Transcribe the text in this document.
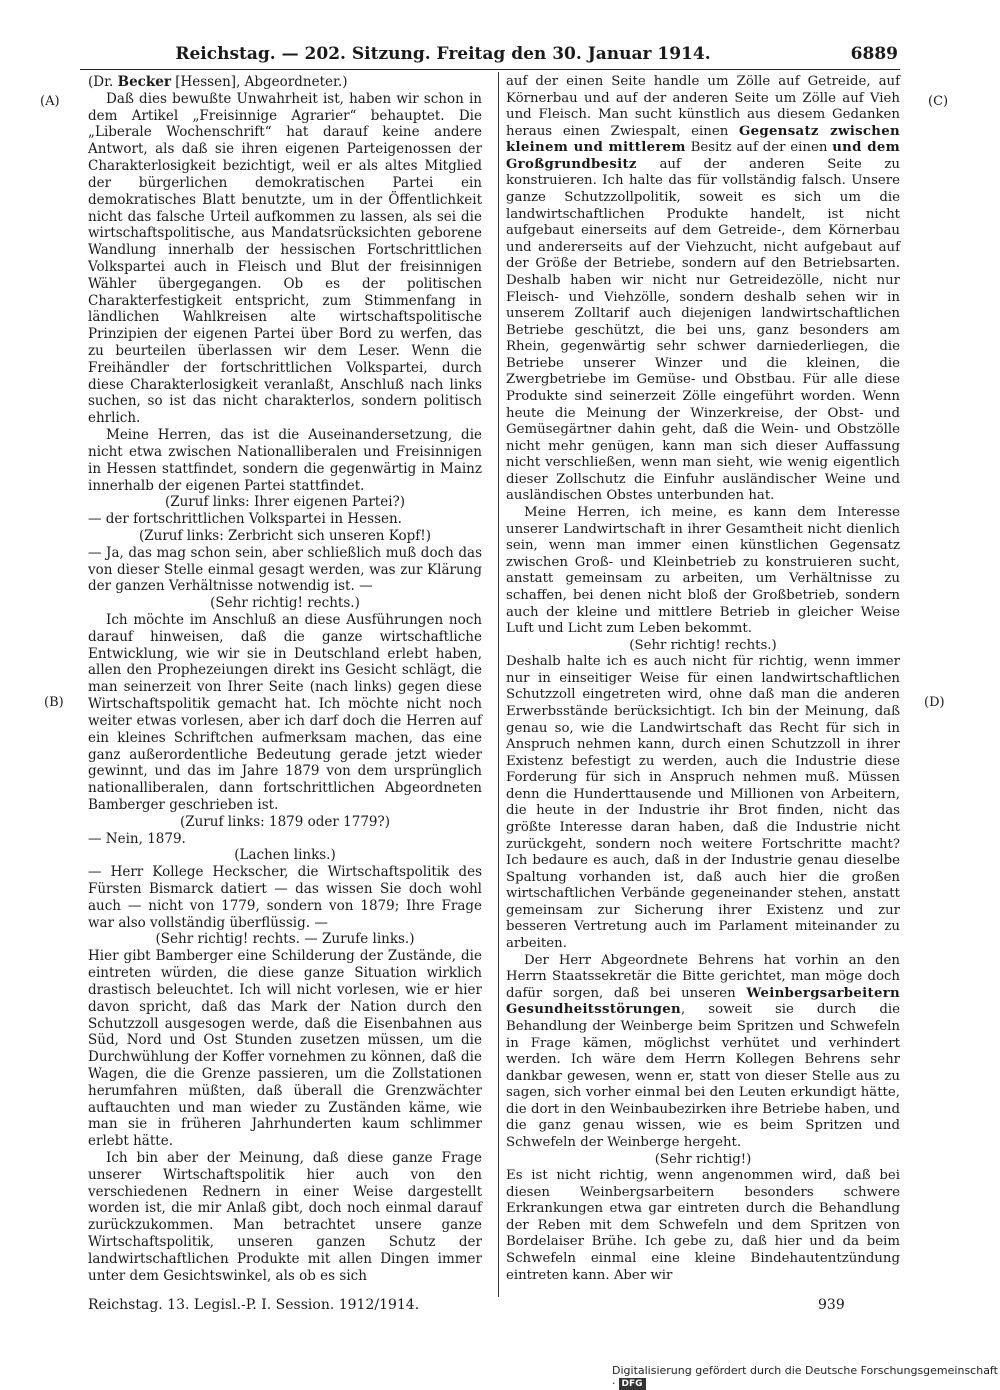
Reichstag. — 202. Sitzung. Freitag den 30. Januar 1914.	6889
(A)
(B)
(C)
(D)

(Dr. Becker [Hessen], Abgeordneter.)

Daß dies bewußte Unwahrheit ist, haben wir schon in dem Artikel „Freisinnige Agrarier“ behauptet. Die „Liberale Wochenschrift“ hat darauf keine andere Antwort, als daß sie ihren eigenen Parteigenossen der Charakterlosigkeit bezichtigt, weil er als altes Mitglied der bürgerlichen demokratischen Partei ein demokratisches Blatt benutzte, um in der Öffentlichkeit nicht das falsche Urteil aufkommen zu lassen, als sei die wirtschaftspolitische, aus Mandatsrücksichten geborene Wandlung innerhalb der hessischen Fortschrittlichen Volkspartei auch in Fleisch und Blut der freisinnigen Wähler übergegangen. Ob es der politischen Charakterfestigkeit entspricht, zum Stimmenfang in ländlichen Wahlkreisen alte wirtschaftspolitische Prinzipien der eigenen Partei über Bord zu werfen, das zu beurteilen überlassen wir dem Leser. Wenn die Freihändler der fortschrittlichen Volkspartei, durch diese Charakterlosigkeit veranlaßt, Anschluß nach links suchen, so ist das nicht charakterlos, sondern politisch ehrlich.

Meine Herren, das ist die Auseinandersetzung, die nicht etwa zwischen Nationalliberalen und Freisinnigen in Hessen stattfindet, sondern die gegenwärtig in Mainz innerhalb der eigenen Partei stattfindet.

(Zuruf links: Ihrer eigenen Partei?)

— der fortschrittlichen Volkspartei in Hessen.

(Zuruf links: Zerbricht sich unseren Kopf!)

— Ja, das mag schon sein, aber schließlich muß doch das von dieser Stelle einmal gesagt werden, was zur Klärung der ganzen Verhältnisse notwendig ist. —

(Sehr richtig! rechts.)

Ich möchte im Anschluß an diese Ausführungen noch darauf hinweisen, daß die ganze wirtschaftliche Entwicklung, wie wir sie in Deutschland erlebt haben, allen den Prophezeiungen direkt ins Gesicht schlägt, die man seinerzeit von Ihrer Seite (nach links) gegen diese Wirtschaftspolitik gemacht hat. Ich möchte nicht noch weiter etwas vorlesen, aber ich darf doch die Herren auf ein kleines Schriftchen aufmerksam machen, das eine ganz außerordentliche Bedeutung gerade jetzt wieder gewinnt, und das im Jahre 1879 von dem ursprünglich nationalliberalen, dann fortschrittlichen Abgeordneten Bamberger geschrieben ist.

(Zuruf links: 1879 oder 1779?)

— Nein, 1879.

(Lachen links.)

— Herr Kollege Heckscher, die Wirtschaftspolitik des Fürsten Bismarck datiert — das wissen Sie doch wohl auch — nicht von 1779, sondern von 1879; Ihre Frage war also vollständig überflüssig. —

(Sehr richtig! rechts. — Zurufe links.)

Hier gibt Bamberger eine Schilderung der Zustände, die eintreten würden, die diese ganze Situation wirklich drastisch beleuchtet. Ich will nicht vorlesen, wie er hier davon spricht, daß das Mark der Nation durch den Schutzzoll ausgesogen werde, daß die Eisenbahnen aus Süd, Nord und Ost Stunden zusetzen müssen, um die Durchwühlung der Koffer vornehmen zu können, daß die Wagen, die die Grenze passieren, um die Zollstationen herumfahren müßten, daß überall die Grenzwächter auftauchten und man wieder zu Zuständen käme, wie man sie in früheren Jahrhunderten kaum schlimmer erlebt hätte.

Ich bin aber der Meinung, daß diese ganze Frage unserer Wirtschaftspolitik hier auch von den verschiedenen Rednern in einer Weise dargestellt worden ist, die mir Anlaß gibt, doch noch einmal darauf zurückzukommen. Man betrachtet unsere ganze Wirtschaftspolitik, unseren ganzen Schutz der landwirtschaftlichen Produkte mit allen Dingen immer unter dem Gesichtswinkel, als ob es sich

auf der einen Seite handle um Zölle auf Getreide, auf Körnerbau und auf der anderen Seite um Zölle auf Vieh und Fleisch. Man sucht künstlich aus diesem Gedanken heraus einen Zwiespalt, einen Gegensatz zwischen kleinem und mittlerem Besitz auf der einen und dem Großgrundbesitz auf der anderen Seite zu konstruieren. Ich halte das für vollständig falsch. Unsere ganze Schutzzollpolitik, soweit es sich um die landwirtschaftlichen Produkte handelt, ist nicht aufgebaut einerseits auf dem Getreide-, dem Körnerbau und andererseits auf der Viehzucht, nicht aufgebaut auf der Größe der Betriebe, sondern auf den Betriebsarten. Deshalb haben wir nicht nur Getreidezölle, nicht nur Fleisch- und Viehzölle, sondern deshalb sehen wir in unserem Zolltarif auch diejenigen landwirtschaftlichen Betriebe geschützt, die bei uns, ganz besonders am Rhein, gegenwärtig sehr schwer darniederliegen, die Betriebe unserer Winzer und die kleinen, die Zwergbetriebe im Gemüse- und Obstbau. Für alle diese Produkte sind seinerzeit Zölle eingeführt worden. Wenn heute die Meinung der Winzerkreise, der Obst- und Gemüsegärtner dahin geht, daß die Wein- und Obstzölle nicht mehr genügen, kann man sich dieser Auffassung nicht verschließen, wenn man sieht, wie wenig eigentlich dieser Zollschutz die Einfuhr ausländischer Weine und ausländischen Obstes unterbunden hat.

Meine Herren, ich meine, es kann dem Interesse unserer Landwirtschaft in ihrer Gesamtheit nicht dienlich sein, wenn man immer einen künstlichen Gegensatz zwischen Groß- und Kleinbetrieb zu konstruieren sucht, anstatt gemeinsam zu arbeiten, um Verhältnisse zu schaffen, bei denen nicht bloß der Großbetrieb, sondern auch der kleine und mittlere Betrieb in gleicher Weise Luft und Licht zum Leben bekommt.

(Sehr richtig! rechts.)

Deshalb halte ich es auch nicht für richtig, wenn immer nur in einseitiger Weise für einen landwirtschaftlichen Schutzzoll eingetreten wird, ohne daß man die anderen Erwerbsstände berücksichtigt. Ich bin der Meinung, daß genau so, wie die Landwirtschaft das Recht für sich in Anspruch nehmen kann, durch einen Schutzzoll in ihrer Existenz befestigt zu werden, auch die Industrie diese Forderung für sich in Anspruch nehmen muß. Müssen denn die Hunderttausende und Millionen von Arbeitern, die heute in der Industrie ihr Brot finden, nicht das größte Interesse daran haben, daß die Industrie nicht zurückgeht, sondern noch weitere Fortschritte macht? Ich bedaure es auch, daß in der Industrie genau dieselbe Spaltung vorhanden ist, daß auch hier die großen wirtschaftlichen Verbände gegeneinander stehen, anstatt gemeinsam zur Sicherung ihrer Existenz und zur besseren Vertretung auch im Parlament miteinander zu arbeiten.

Der Herr Abgeordnete Behrens hat vorhin an den Herrn Staatssekretär die Bitte gerichtet, man möge doch dafür sorgen, daß bei unseren Weinbergsarbeitern Gesundheitsstörungen, soweit sie durch die Behandlung der Weinberge beim Spritzen und Schwefeln in Frage kämen, möglichst verhütet und verhindert werden. Ich wäre dem Herrn Kollegen Behrens sehr dankbar gewesen, wenn er, statt von dieser Stelle aus zu sagen, sich vorher einmal bei den Leuten erkundigt hätte, die dort in den Weinbaubezirken ihre Betriebe haben, und die ganz genau wissen, wie es beim Spritzen und Schwefeln der Weinberge hergeht.

(Sehr richtig!)

Es ist nicht richtig, wenn angenommen wird, daß bei diesen Weinbergsarbeitern besonders schwere Erkrankungen etwa gar eintreten durch die Behandlung der Reben mit dem Schwefeln und dem Spritzen von Bordelaiser Brühe. Ich gebe zu, daß hier und da beim Schwefeln einmal eine kleine Bindehautentzündung eintreten kann. Aber wir

Reichstag. 13. Legisl.-P. I. Session. 1912/1914.	939
Digitalisierung gefördert durch die Deutsche Forschungsgemeinschaft · DFG
